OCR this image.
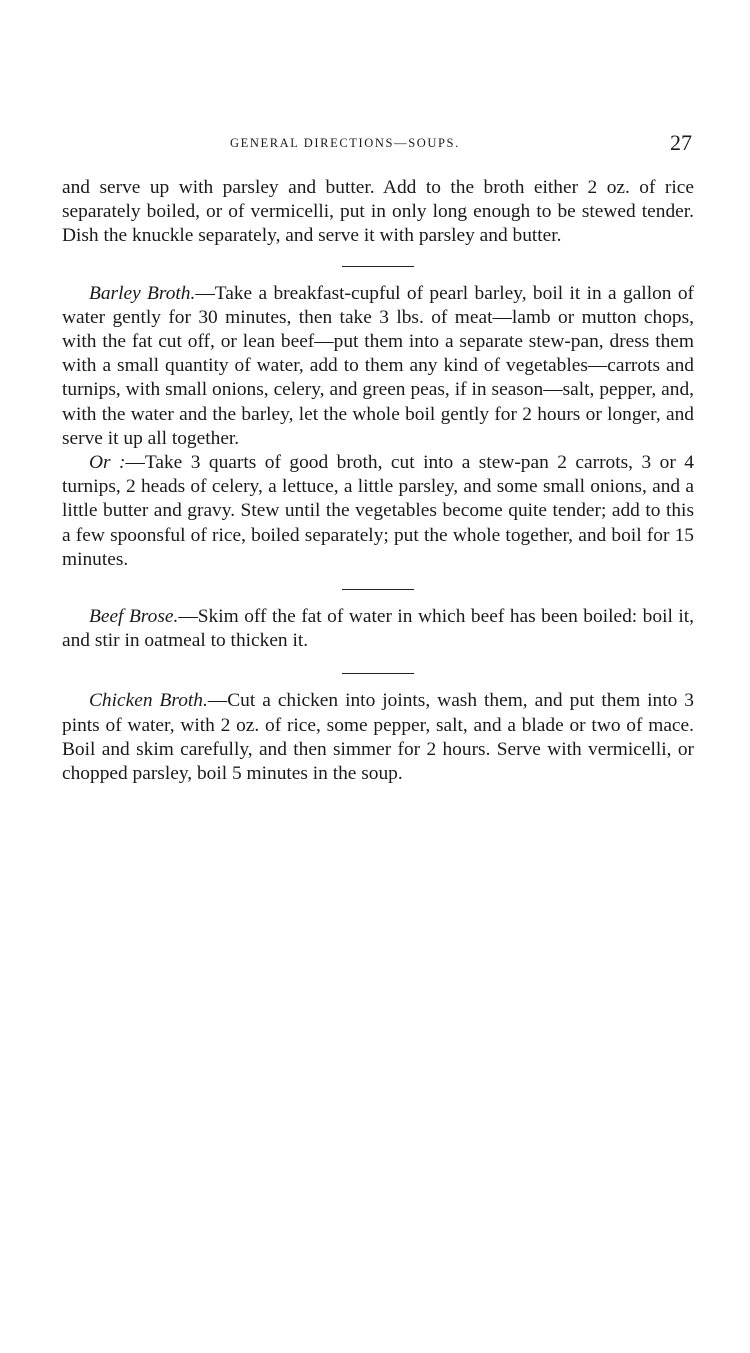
GENERAL DIRECTIONS—SOUPS.	27

and serve up with parsley and butter. Add to the broth either 2 oz. of rice separately boiled, or of vermicelli, put in only long enough to be stewed tender. Dish the knuckle separately, and serve it with parsley and butter.

Barley Broth.—Take a breakfast-cupful of pearl barley, boil it in a gallon of water gently for 30 minutes, then take 3 lbs. of meat—lamb or mutton chops, with the fat cut off, or lean beef—put them into a separate stew-pan, dress them with a small quantity of water, add to them any kind of vegetables—carrots and turnips, with small onions, celery, and green peas, if in season—salt, pepper, and, with the water and the barley, let the whole boil gently for 2 hours or longer, and serve it up all together.

Or :—Take 3 quarts of good broth, cut into a stew-pan 2 carrots, 3 or 4 turnips, 2 heads of celery, a lettuce, a little parsley, and some small onions, and a little butter and gravy. Stew until the vegetables become quite tender; add to this a few spoonsful of rice, boiled separately; put the whole together, and boil for 15 minutes.

Beef Brose.—Skim off the fat of water in which beef has been boiled: boil it, and stir in oatmeal to thicken it.

Chicken Broth.—Cut a chicken into joints, wash them, and put them into 3 pints of water, with 2 oz. of rice, some pepper, salt, and a blade or two of mace. Boil and skim carefully, and then simmer for 2 hours. Serve with vermicelli, or chopped parsley, boil 5 minutes in the soup.
